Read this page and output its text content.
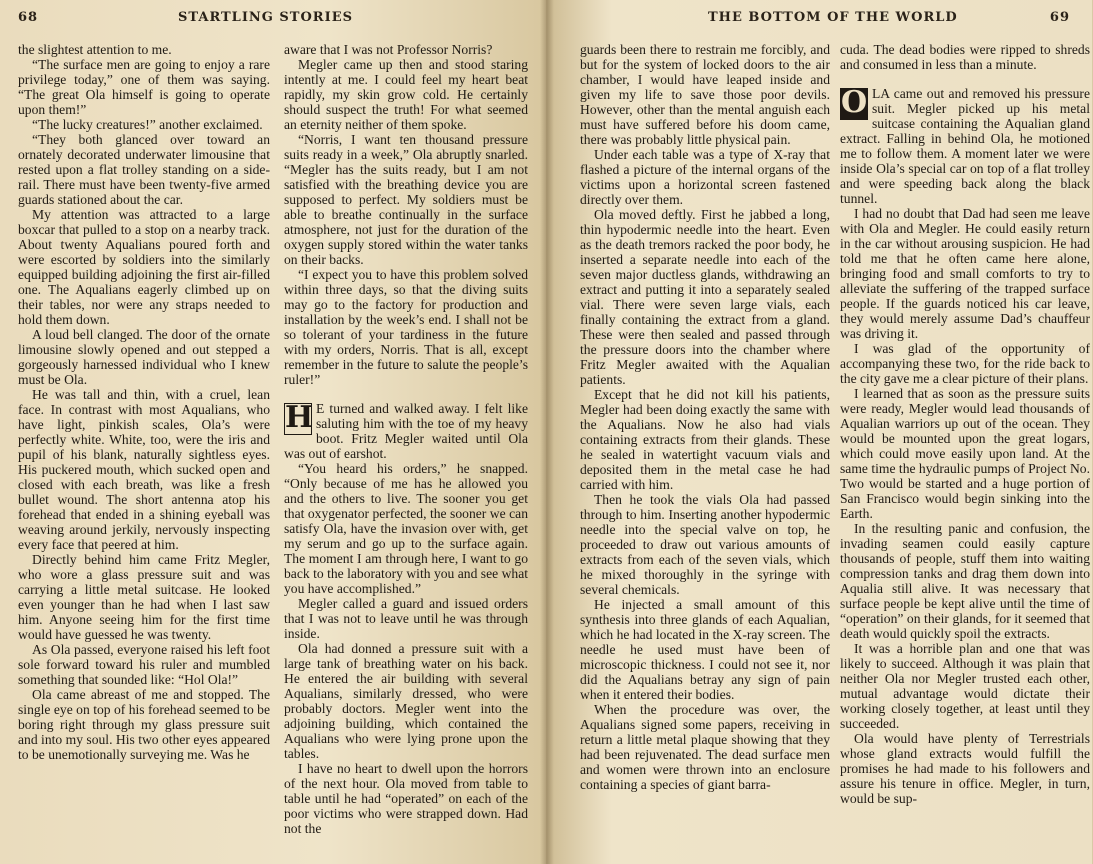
68	STARTLING STORIES

the slightest attention to me.

“The surface men are going to enjoy a rare privilege today,” one of them was saying. “The great Ola himself is going to operate upon them!”

“The lucky creatures!” another exclaimed.

“They both glanced over toward an ornately decorated underwater limousine that rested upon a flat trolley standing on a side-rail. There must have been twenty-five armed guards stationed about the car.

My attention was attracted to a large boxcar that pulled to a stop on a nearby track. About twenty Aqualians poured forth and were escorted by soldiers into the similarly equipped building adjoining the first air-filled one. The Aqualians eagerly climbed up on their tables, nor were any straps needed to hold them down.

A loud bell clanged. The door of the ornate limousine slowly opened and out stepped a gorgeously harnessed individual who I knew must be Ola.

He was tall and thin, with a cruel, lean face. In contrast with most Aqualians, who have light, pinkish scales, Ola’s were perfectly white. White, too, were the iris and pupil of his blank, naturally sightless eyes. His puckered mouth, which sucked open and closed with each breath, was like a fresh bullet wound. The short antenna atop his forehead that ended in a shining eyeball was weaving around jerkily, nervously inspecting every face that peered at him.

Directly behind him came Fritz Megler, who wore a glass pressure suit and was carrying a little metal suitcase. He looked even younger than he had when I last saw him. Anyone seeing him for the first time would have guessed he was twenty.

As Ola passed, everyone raised his left foot sole forward toward his ruler and mumbled something that sounded like: “Hol Ola!”

Ola came abreast of me and stopped. The single eye on top of his forehead seemed to be boring right through my glass pressure suit and into my soul. His two other eyes appeared to be unemotionally surveying me. Was he

aware that I was not Professor Norris?

Megler came up then and stood staring intently at me. I could feel my heart beat rapidly, my skin grow cold. He certainly should suspect the truth! For what seemed an eternity neither of them spoke.

“Norris, I want ten thousand pressure suits ready in a week,” Ola abruptly snarled. “Megler has the suits ready, but I am not satisfied with the breathing device you are supposed to perfect. My soldiers must be able to breathe continually in the surface atmosphere, not just for the duration of the oxygen supply stored within the water tanks on their backs.

“I expect you to have this problem solved within three days, so that the diving suits may go to the factory for production and installation by the week’s end. I shall not be so tolerant of your tardiness in the future with my orders, Norris. That is all, except remember in the future to salute the people’s ruler!”

H E turned and walked away. I felt like saluting him with the toe of my heavy boot. Fritz Megler waited until Ola was out of earshot.

“You heard his orders,” he snapped. “Only because of me has he allowed you and the others to live. The sooner you get that oxygenator perfected, the sooner we can satisfy Ola, have the invasion over with, get my serum and go up to the surface again. The moment I am through here, I want to go back to the laboratory with you and see what you have accomplished.”

Megler called a guard and issued orders that I was not to leave until he was through inside.

Ola had donned a pressure suit with a large tank of breathing water on his back. He entered the air building with several Aqualians, similarly dressed, who were probably doctors. Megler went into the adjoining building, which contained the Aqualians who were lying prone upon the tables.

I have no heart to dwell upon the horrors of the next hour. Ola moved from table to table until he had “operated” on each of the poor victims who were strapped down. Had not the

THE BOTTOM OF THE WORLD	69

guards been there to restrain me forcibly, and but for the system of locked doors to the air chamber, I would have leaped inside and given my life to save those poor devils. However, other than the mental anguish each must have suffered before his doom came, there was probably little physical pain.

Under each table was a type of X-ray that flashed a picture of the internal organs of the victims upon a horizontal screen fastened directly over them.

Ola moved deftly. First he jabbed a long, thin hypodermic needle into the heart. Even as the death tremors racked the poor body, he inserted a separate needle into each of the seven major ductless glands, withdrawing an extract and putting it into a separately sealed vial. There were seven large vials, each finally containing the extract from a gland. These were then sealed and passed through the pressure doors into the chamber where Fritz Megler awaited with the Aqualian patients.

Except that he did not kill his patients, Megler had been doing exactly the same with the Aqualians. Now he also had vials containing extracts from their glands. These he sealed in watertight vacuum vials and deposited them in the metal case he had carried with him.

Then he took the vials Ola had passed through to him. Inserting another hypodermic needle into the special valve on top, he proceeded to draw out various amounts of extracts from each of the seven vials, which he mixed thoroughly in the syringe with several chemicals.

He injected a small amount of this synthesis into three glands of each Aqualian, which he had located in the X-ray screen. The needle he used must have been of microscopic thickness. I could not see it, nor did the Aqualians betray any sign of pain when it entered their bodies.

When the procedure was over, the Aqualians signed some papers, receiving in return a little metal plaque showing that they had been rejuvenated. The dead surface men and women were thrown into an enclosure containing a species of giant barra-

cuda. The dead bodies were ripped to shreds and consumed in less than a minute.

O LA came out and removed his pressure suit. Megler picked up his metal suitcase containing the Aqualian gland extract. Falling in behind Ola, he motioned me to follow them. A moment later we were inside Ola’s special car on top of a flat trolley and were speeding back along the black tunnel.

I had no doubt that Dad had seen me leave with Ola and Megler. He could easily return in the car without arousing suspicion. He had told me that he often came here alone, bringing food and small comforts to try to alleviate the suffering of the trapped surface people. If the guards noticed his car leave, they would merely assume Dad’s chauffeur was driving it.

I was glad of the opportunity of accompanying these two, for the ride back to the city gave me a clear picture of their plans.

I learned that as soon as the pressure suits were ready, Megler would lead thousands of Aqualian warriors up out of the ocean. They would be mounted upon the great logars, which could move easily upon land. At the same time the hydraulic pumps of Project No. Two would be started and a huge portion of San Francisco would begin sinking into the Earth.

In the resulting panic and confusion, the invading seamen could easily capture thousands of people, stuff them into waiting compression tanks and drag them down into Aqualia still alive. It was necessary that surface people be kept alive until the time of “operation” on their glands, for it seemed that death would quickly spoil the extracts.

It was a horrible plan and one that was likely to succeed. Although it was plain that neither Ola nor Megler trusted each other, mutual advantage would dictate their working closely together, at least until they succeeded.

Ola would have plenty of Terrestrials whose gland extracts would fulfill the promises he had made to his followers and assure his tenure in office. Megler, in turn, would be sup-
